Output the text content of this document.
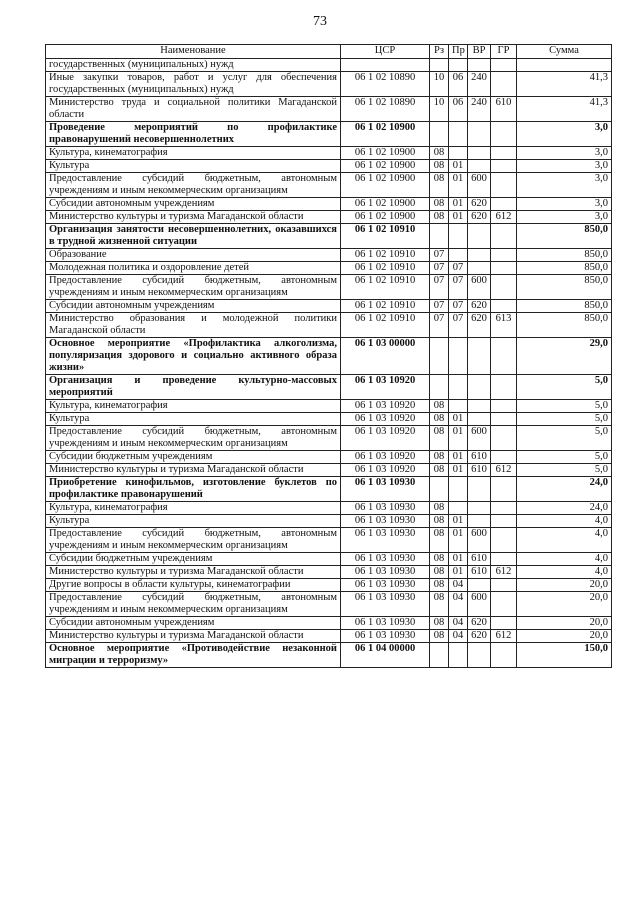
73
Наименование	ЦСР	Рз	Пр	ВР	ГР	Сумма
государственных (муниципальных) нужд						
Иные закупки товаров, работ и услуг для обеспечения государственных (муниципальных) нужд	06 1 02 10890	10	06	240		41,3
Министерство труда и социальной политики Магаданской области	06 1 02 10890	10	06	240	610	41,3
Проведение мероприятий по профилактике правонарушений несовершеннолетних	06 1 02 10900					3,0
Культура, кинематография	06 1 02 10900	08				3,0
Культура	06 1 02 10900	08	01			3,0
Предоставление субсидий бюджетным, автономным учреждениям и иным некоммерческим организациям	06 1 02 10900	08	01	600		3,0
Субсидии автономным учреждениям	06 1 02 10900	08	01	620		3,0
Министерство культуры и туризма Магаданской области	06 1 02 10900	08	01	620	612	3,0
Организация занятости несовершеннолетних, оказавшихся в трудной жизненной ситуации	06 1 02 10910					850,0
Образование	06 1 02 10910	07				850,0
Молодежная политика и оздоровление детей	06 1 02 10910	07	07			850,0
Предоставление субсидий бюджетным, автономным учреждениям и иным некоммерческим организациям	06 1 02 10910	07	07	600		850,0
Субсидии автономным учреждениям	06 1 02 10910	07	07	620		850,0
Министерство образования и молодежной политики Магаданской области	06 1 02 10910	07	07	620	613	850,0
Основное мероприятие «Профилактика алкоголизма, популяризация здорового и социально активного образа жизни»	06 1 03 00000					29,0
Организация и проведение культурно-массовых мероприятий	06 1 03 10920					5,0
Культура, кинематография	06 1 03 10920	08				5,0
Культура	06 1 03 10920	08	01			5,0
Предоставление субсидий бюджетным, автономным учреждениям и иным некоммерческим организациям	06 1 03 10920	08	01	600		5,0
Субсидии бюджетным учреждениям	06 1 03 10920	08	01	610		5,0
Министерство культуры и туризма Магаданской области	06 1 03 10920	08	01	610	612	5,0
Приобретение кинофильмов, изготовление буклетов по профилактике правонарушений	06 1 03 10930					24,0
Культура, кинематография	06 1 03 10930	08				24,0
Культура	06 1 03 10930	08	01			4,0
Предоставление субсидий бюджетным, автономным учреждениям и иным некоммерческим организациям	06 1 03 10930	08	01	600		4,0
Субсидии бюджетным учреждениям	06 1 03 10930	08	01	610		4,0
Министерство культуры и туризма Магаданской области	06 1 03 10930	08	01	610	612	4,0
Другие вопросы в области культуры, кинематографии	06 1 03 10930	08	04			20,0
Предоставление субсидий бюджетным, автономным учреждениям и иным некоммерческим организациям	06 1 03 10930	08	04	600		20,0
Субсидии автономным учреждениям	06 1 03 10930	08	04	620		20,0
Министерство культуры и туризма Магаданской области	06 1 03 10930	08	04	620	612	20,0
Основное мероприятие «Противодействие незаконной миграции и терроризму»	06 1 04 00000					150,0
